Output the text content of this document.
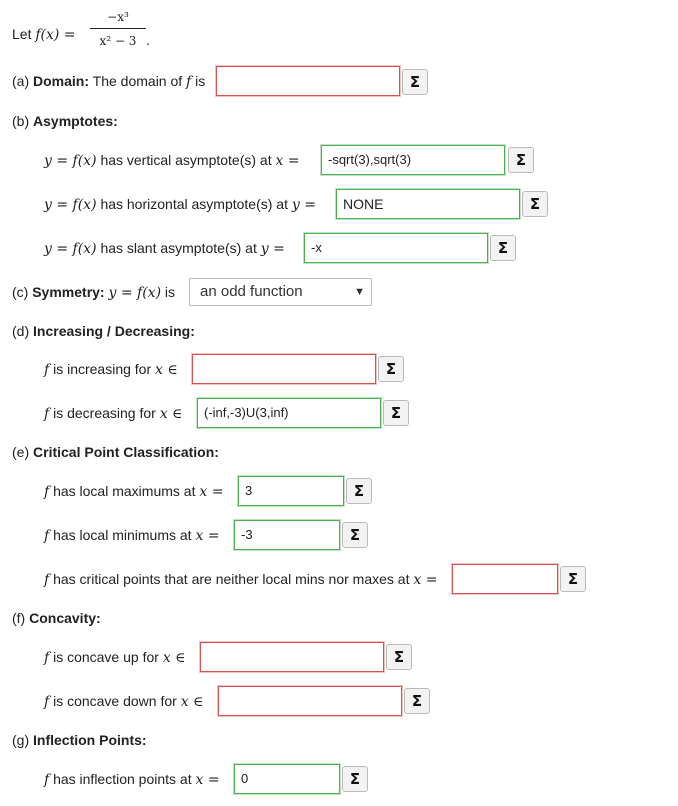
Let f(x) =
−x³
x² − 3 .
(a) Domain: The domain of f is	Σ
(b) Asymptotes:
y = f(x) has vertical asymptote(s) at x =	-sqrt(3),sqrt(3)	Σ
y = f(x) has horizontal asymptote(s) at y =	NONE	Σ
y = f(x) has slant asymptote(s) at y =	-x	Σ
(c) Symmetry: y = f(x) is	an odd function	▼
(d) Increasing / Decreasing:
f is increasing for x ∈	Σ
f is decreasing for x ∈	(-inf,-3)U(3,inf)	Σ
(e) Critical Point Classification:
f has local maximums at x =	3	Σ
f has local minimums at x =	-3	Σ
f has critical points that are neither local mins nor maxes at x =	Σ
(f) Concavity:
f is concave up for x ∈	Σ
f is concave down for x ∈	Σ
(g) Inflection Points:
f has inflection points at x =	0	Σ
